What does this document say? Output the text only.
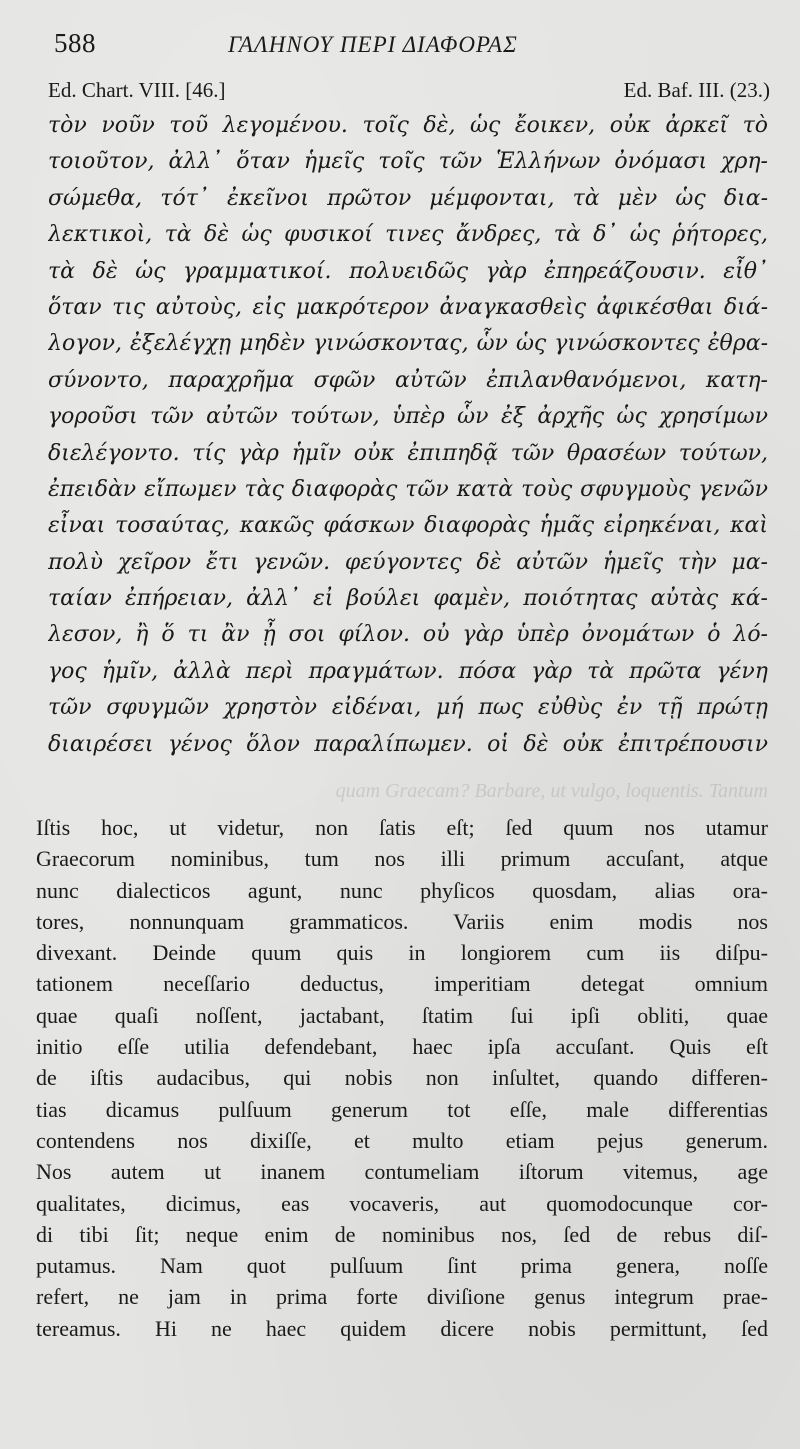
588	ΓΑΛΗΝΟΥ ΠΕΡΙ ΔΙΑΦΟΡΑΣ
Ed. Chart. VIII. [46.]	Ed. Baf. III. (23.)
τὸν νοῦν τοῦ λεγομένου. τοῖς δὲ, ὡς ἔοικεν, οὐκ ἀρκεῖ τὸ
τοιοῦτον, ἀλλ᾽ ὅταν ἡμεῖς τοῖς τῶν Ἑλλήνων ὀνόμασι χρη-
σώμεθα, τότ᾽ ἐκεῖνοι πρῶτον μέμφονται, τὰ μὲν ὡς δια-
λεκτικοὶ, τὰ δὲ ὡς φυσικοί τινες ἄνδρες, τὰ δ᾽ ὡς ῥήτορες,
τὰ δὲ ὡς γραμματικοί. πολυειδῶς γὰρ ἐπηρεάζουσιν. εἶθ᾽
ὅταν τις αὐτοὺς, εἰς μακρότερον ἀναγκασθεὶς ἀφικέσθαι διά-
λογον, ἐξελέγχῃ μηδὲν γινώσκοντας, ὧν ὡς γινώσκοντες ἐθρα-
σύνοντο, παραχρῆμα σφῶν αὐτῶν ἐπιλανθανόμενοι, κατη-
γοροῦσι τῶν αὐτῶν τούτων, ὑπὲρ ὧν ἐξ ἀρχῆς ὡς χρησίμων
διελέγοντο. τίς γὰρ ἡμῖν οὐκ ἐπιπηδᾷ τῶν θρασέων τούτων,
ἐπειδὰν εἴπωμεν τὰς διαφορὰς τῶν κατὰ τοὺς σφυγμοὺς γενῶν
εἶναι τοσαύτας, κακῶς φάσκων διαφορὰς ἡμᾶς εἰρηκέναι, καὶ
πολὺ χεῖρον ἔτι γενῶν. φεύγοντες δὲ αὐτῶν ἡμεῖς τὴν μα-
ταίαν ἐπήρειαν, ἀλλ᾽ εἰ βούλει φαμὲν, ποιότητας αὐτὰς κά-
λεσον, ἢ ὅ τι ἂν ᾖ σοι φίλον. οὐ γὰρ ὑπὲρ ὀνομάτων ὁ λό-
γος ἡμῖν, ἀλλὰ περὶ πραγμάτων. πόσα γὰρ τὰ πρῶτα γένη
τῶν σφυγμῶν χρηστὸν εἰδέναι, μή πως εὐθὺς ἐν τῇ πρώτῃ
διαιρέσει γένος ὅλον παραλίπωμεν. οἱ δὲ οὐκ ἐπιτρέπουσιν
quam Graecam? Barbare, ut vulgo, loquentis. Tantum
Iſtis hoc, ut videtur, non ſatis eſt; ſed quum nos utamur
Graecorum nominibus, tum nos illi primum accuſant, atque
nunc dialecticos agunt, nunc phyſicos quosdam, alias ora-
tores, nonnunquam grammaticos. Variis enim modis nos
divexant. Deinde quum quis in longiorem cum iis diſpu-
tationem neceſſario deductus, imperitiam detegat omnium
quae quaſi noſſent, jactabant, ſtatim ſui ipſi obliti, quae
initio eſſe utilia defendebant, haec ipſa accuſant. Quis eſt
de iſtis audacibus, qui nobis non inſultet, quando differen-
tias dicamus pulſuum generum tot eſſe, male differentias
contendens nos dixiſſe, et multo etiam pejus generum.
Nos autem ut inanem contumeliam iſtorum vitemus, age
qualitates, dicimus, eas vocaveris, aut quomodocunque cor-
di tibi ſit; neque enim de nominibus nos, ſed de rebus diſ-
putamus. Nam quot pulſuum ſint prima genera, noſſe
refert, ne jam in prima forte diviſione genus integrum prae-
tereamus. Hi ne haec quidem dicere nobis permittunt, ſed
